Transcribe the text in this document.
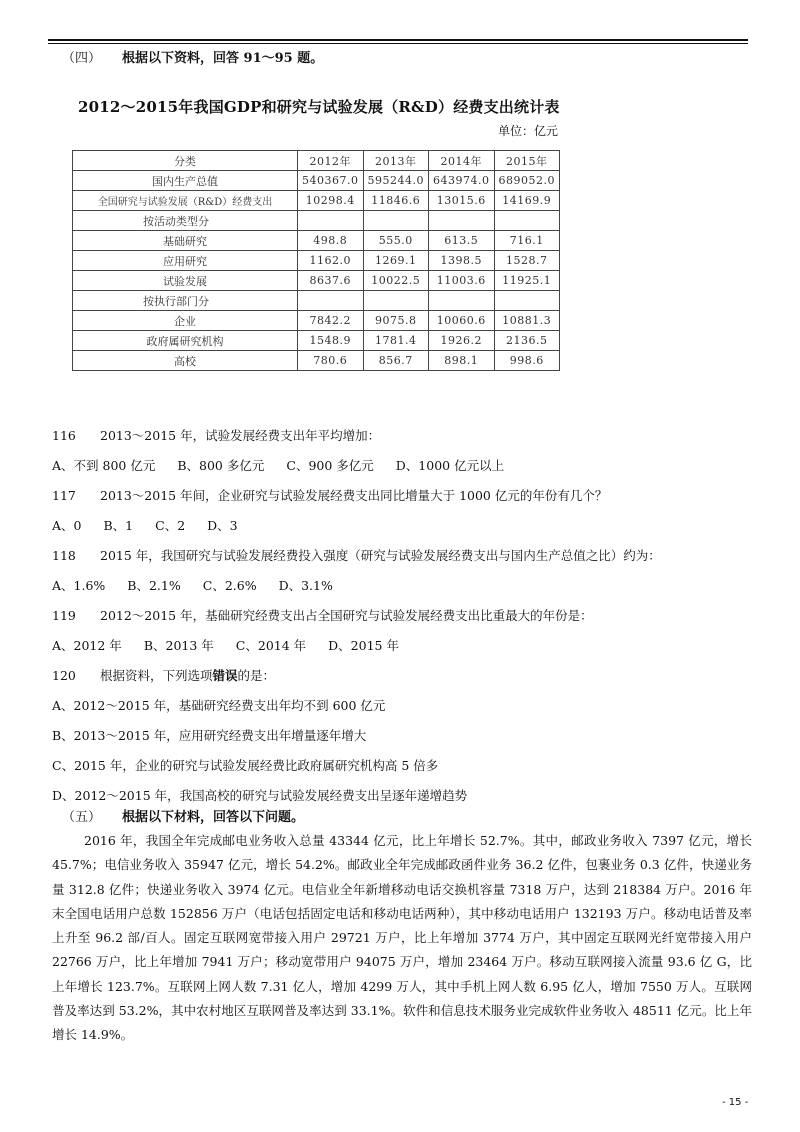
（四） 根据以下资料，回答 91～95 题。
2012～2015年我国GDP和研究与试验发展（R&D）经费支出统计表
单位：亿元
分类	2012年	2013年	2014年	2015年
国内生产总值	540367.0	595244.0	643974.0	689052.0
全国研究与试验发展（R&D）经费支出	10298.4	11846.6	13015.6	14169.9
按活动类型分				
基础研究	498.8	555.0	613.5	716.1
应用研究	1162.0	1269.1	1398.5	1528.7
试验发展	8637.6	10022.5	11003.6	11925.1
按执行部门分				
企业	7842.2	9075.8	10060.6	10881.3
政府属研究机构	1548.9	1781.4	1926.2	2136.5
高校	780.6	856.7	898.1	998.6
116 2013～2015 年，试验发展经费支出年平均增加：
A、不到 800 亿元 B、800 多亿元 C、900 多亿元 D、1000 亿元以上
117 2013～2015 年间，企业研究与试验发展经费支出同比增量大于 1000 亿元的年份有几个？
A、0 B、1 C、2 D、3
118 2015 年，我国研究与试验发展经费投入强度（研究与试验发展经费支出与国内生产总值之比）约为：
A、1.6% B、2.1% C、2.6% D、3.1%
119 2012～2015 年，基础研究经费支出占全国研究与试验发展经费支出比重最大的年份是：
A、2012 年 B、2013 年 C、2014 年 D、2015 年
120 根据资料，下列选项错误的是：
A、2012～2015 年，基础研究经费支出年均不到 600 亿元
B、2013～2015 年，应用研究经费支出年增量逐年增大
C、2015 年，企业的研究与试验发展经费比政府属研究机构高 5 倍多
D、2012～2015 年，我国高校的研究与试验发展经费支出呈逐年递增趋势
（五） 根据以下材料，回答以下问题。
2016 年，我国全年完成邮电业务收入总量 43344 亿元，比上年增长 52.7%。其中，邮政业务收入 7397 亿元，增长 45.7%；电信业务收入 35947 亿元，增长 54.2%。邮政业全年完成邮政函件业务 36.2 亿件，包裹业务 0.3 亿件，快递业务量 312.8 亿件；快递业务收入 3974 亿元。电信业全年新增移动电话交换机容量 7318 万户，达到 218384 万户。2016 年末全国电话用户总数 152856 万户（电话包括固定电话和移动电话两种），其中移动电话用户 132193 万户。移动电话普及率上升至 96.2 部/百人。固定互联网宽带接入用户 29721 万户，比上年增加 3774 万户，其中固定互联网光纤宽带接入用户 22766 万户，比上年增加 7941 万户；移动宽带用户 94075 万户，增加 23464 万户。移动互联网接入流量 93.6 亿 G，比上年增长 123.7%。互联网上网人数 7.31 亿人，增加 4299 万人，其中手机上网人数 6.95 亿人，增加 7550 万人。互联网普及率达到 53.2%，其中农村地区互联网普及率达到 33.1%。软件和信息技术服务业完成软件业务收入 48511 亿元。比上年增长 14.9%。
- 15 -
